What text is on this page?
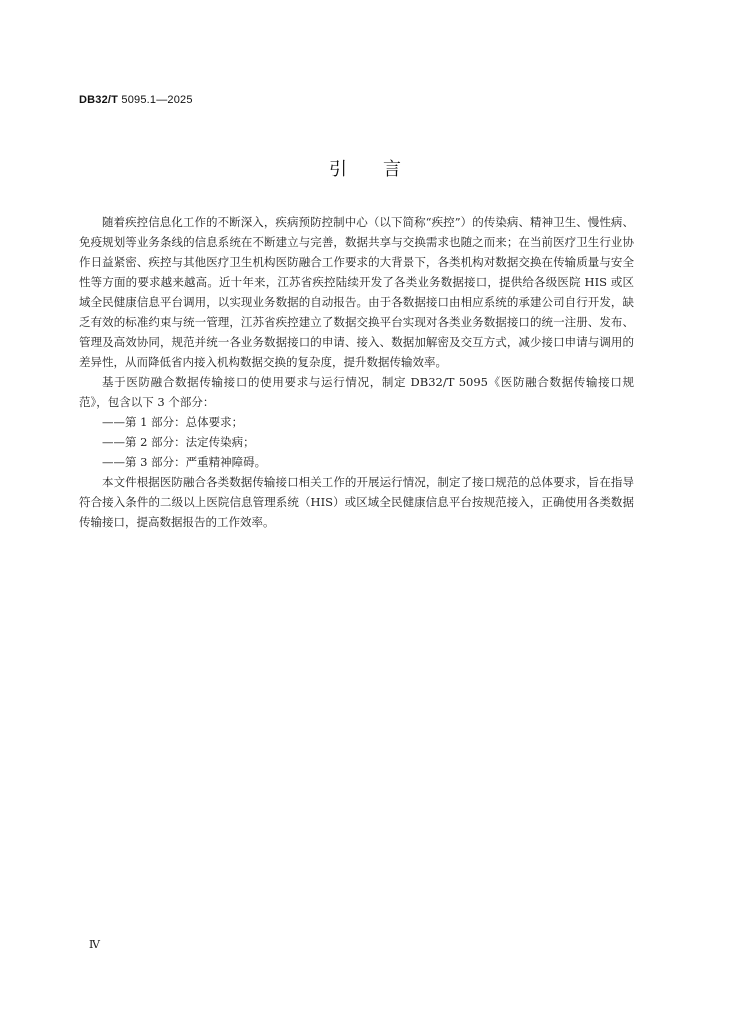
DB32/T 5095.1—2025
引言

随着疾控信息化工作的不断深入，疾病预防控制中心（以下简称“疾控”）的传染病、精神卫生、慢性病、免疫规划等业务条线的信息系统在不断建立与完善，数据共享与交换需求也随之而来；在当前医疗卫生行业协作日益紧密、疾控与其他医疗卫生机构医防融合工作要求的大背景下，各类机构对数据交换在传输质量与安全性等方面的要求越来越高。近十年来，江苏省疾控陆续开发了各类业务数据接口，提供给各级医院 HIS 或区域全民健康信息平台调用，以实现业务数据的自动报告。由于各数据接口由相应系统的承建公司自行开发，缺乏有效的标准约束与统一管理，江苏省疾控建立了数据交换平台实现对各类业务数据接口的统一注册、发布、管理及高效协同，规范并统一各业务数据接口的申请、接入、数据加解密及交互方式，减少接口申请与调用的差异性，从而降低省内接入机构数据交换的复杂度，提升数据传输效率。

基于医防融合数据传输接口的使用要求与运行情况，制定 DB32/T 5095《医防融合数据传输接口规范》，包含以下 3 个部分：

——第 1 部分：总体要求；

——第 2 部分：法定传染病；

——第 3 部分：严重精神障碍。

本文件根据医防融合各类数据传输接口相关工作的开展运行情况，制定了接口规范的总体要求，旨在指导符合接入条件的二级以上医院信息管理系统（HIS）或区域全民健康信息平台按规范接入，正确使用各类数据传输接口，提高数据报告的工作效率。

Ⅳ
